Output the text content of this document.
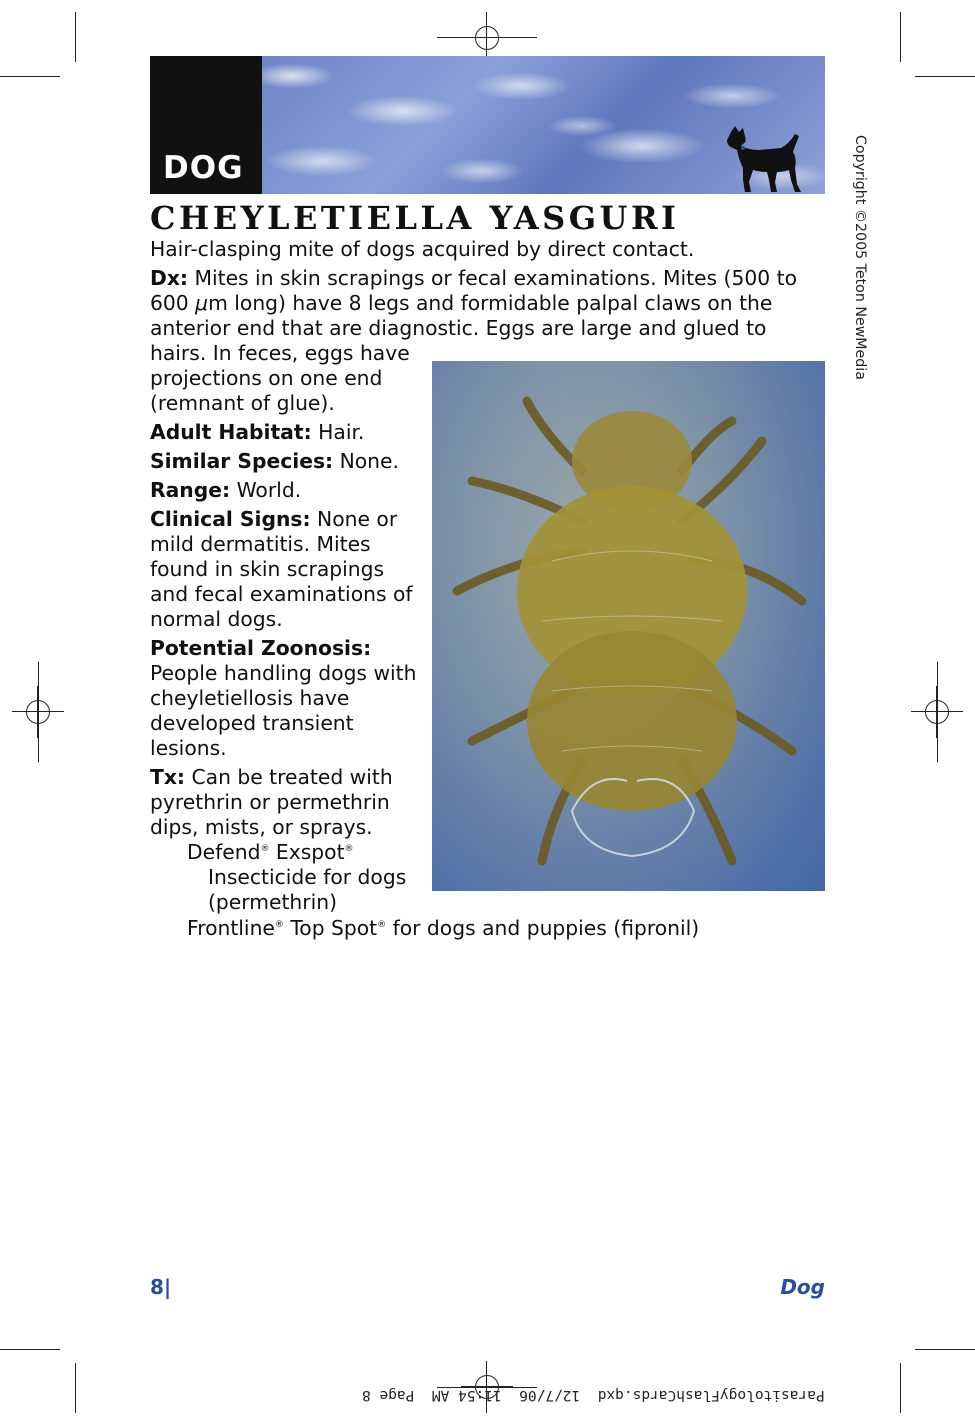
DOG
CHEYLETIELLA YASGURI
Hair-clasping mite of dogs acquired by direct contact.
Dx: Mites in skin scrapings or fecal examinations. Mites (500 to
600 μm long) have 8 legs and formidable palpal claws on the
anterior end that are diagnostic. Eggs are large and glued to

hairs. In feces, eggs have projections on one end (remnant of glue).

Adult Habitat: Hair.

Similar Species: None.

Range: World.

Clinical Signs: None or mild dermatitis. Mites found in skin scrapings and fecal examinations of normal dogs.

Potential Zoonosis:
People handling dogs with cheyletiellosis have developed transient lesions.

Tx: Can be treated with pyrethrin or permethrin dips, mists, or sprays.

Defend® Exspot®
Insecticide for dogs (permethrin)
Frontline® Top Spot® for dogs and puppies (fipronil)
Copyright ©2005 Teton NewMedia
8|	Dog
ParasitologyFlashCards.qxd  12/7/06  11:54 AM  Page 8
